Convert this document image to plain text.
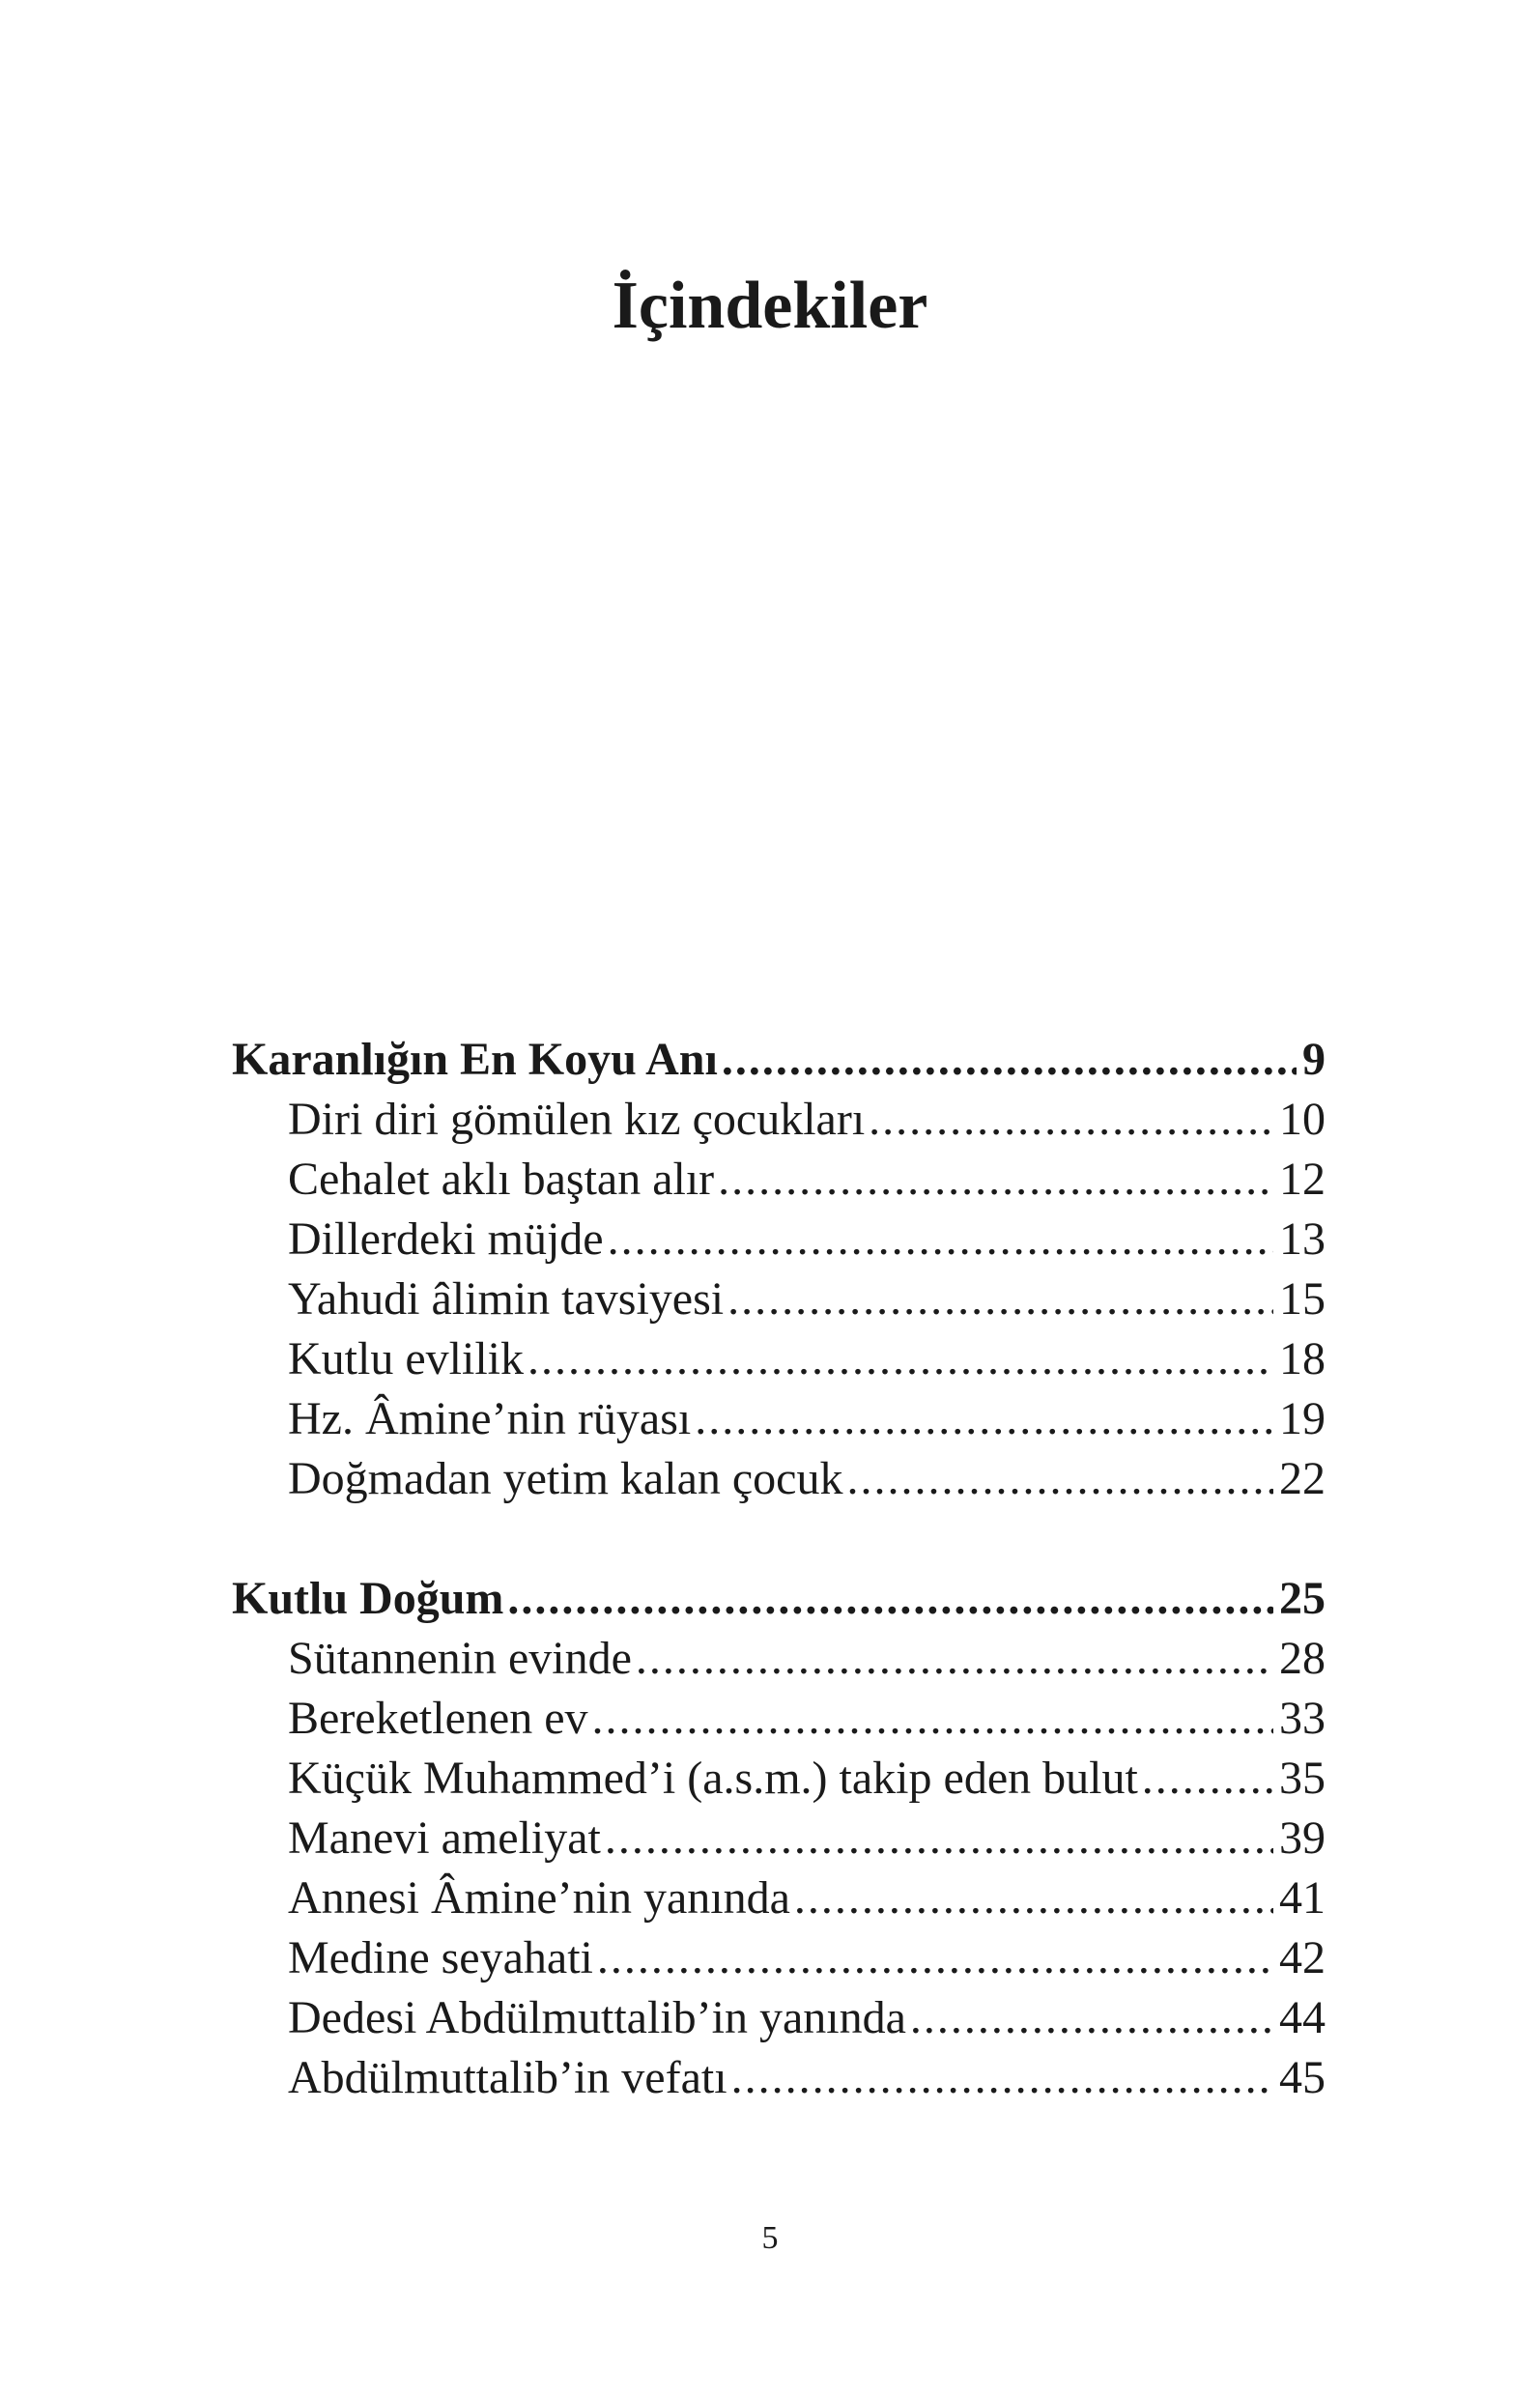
İçindekiler
Karanlığın En Koyu Anı .....	9
Diri diri gömülen kız çocukları .....	10
Cehalet aklı baştan alır .....	12
Dillerdeki müjde .....	13
Yahudi âlimin tavsiyesi .....	15
Kutlu evlilik .....	18
Hz. Âmine’nin rüyası .....	19
Doğmadan yetim kalan çocuk .....	22
Kutlu Doğum .....	25
Sütannenin evinde .....	28
Bereketlenen ev .....	33
Küçük Muhammed’i (a.s.m.) takip eden bulut .....	35
Manevi ameliyat .....	39
Annesi Âmine’nin yanında .....	41
Medine seyahati .....	42
Dedesi Abdülmuttalib’in yanında .....	44
Abdülmuttalib’in vefatı .....	45
5
